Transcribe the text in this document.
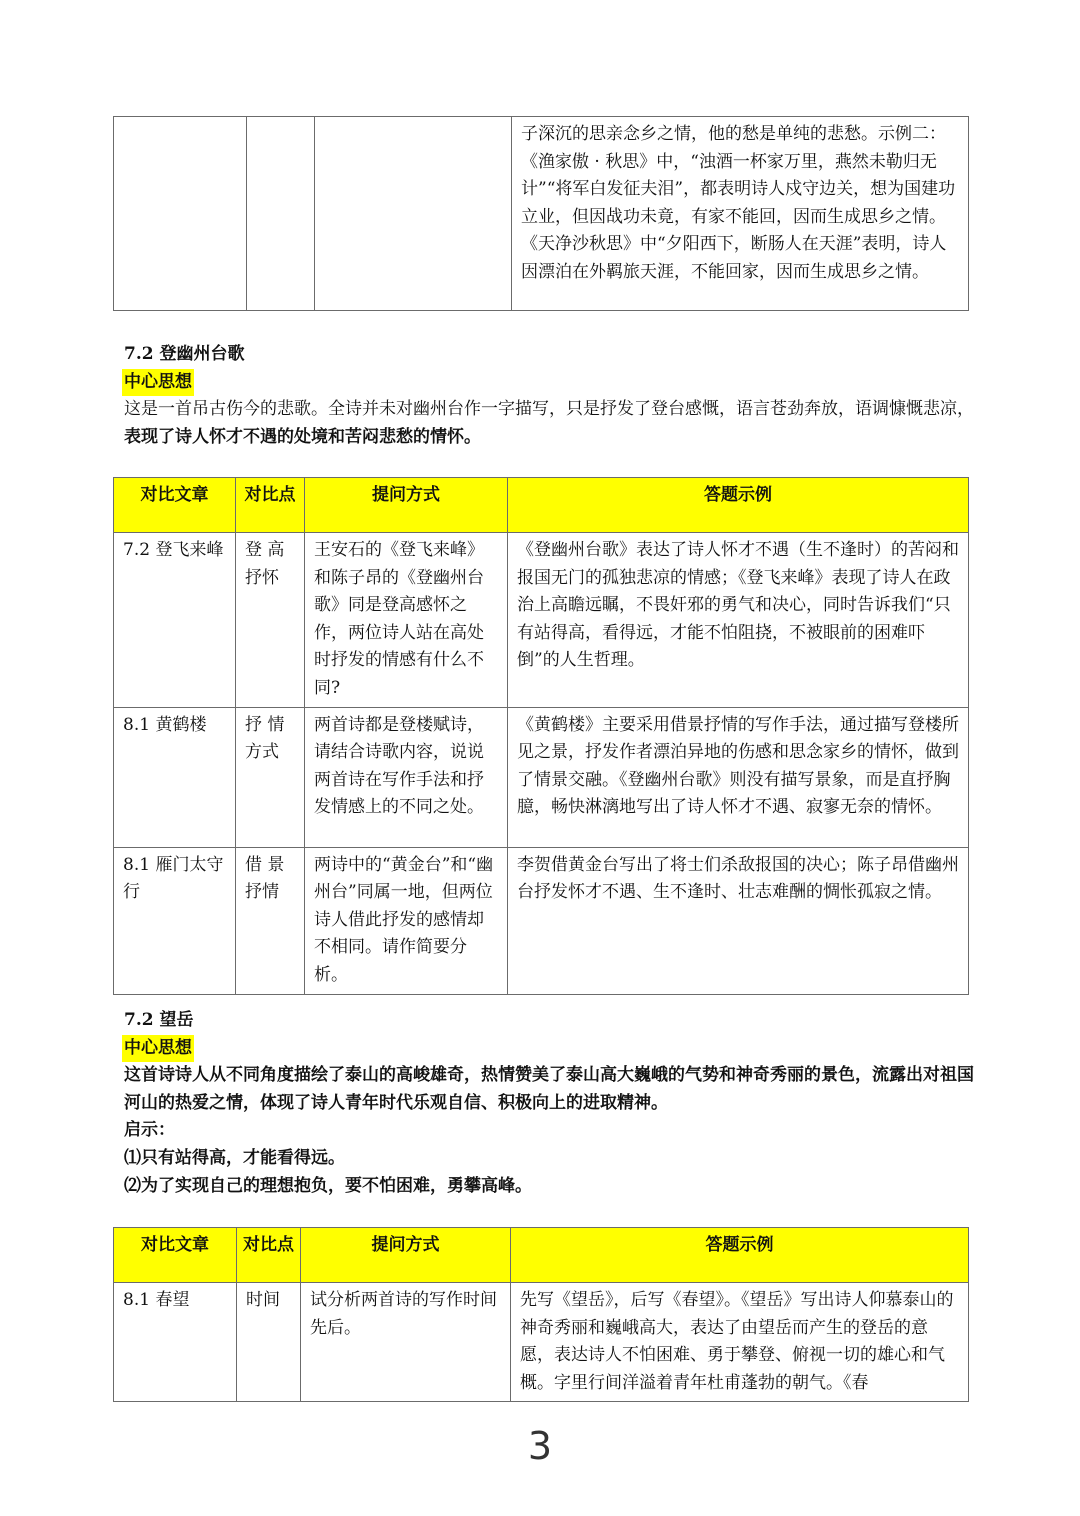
			子深沉的思亲念乡之情，他的愁是单纯的悲愁。示例二：《渔家傲 · 秋思》中，“浊酒一杯家万里，燕然未勒归无计”“将军白发征夫泪”，都表明诗人戍守边关，想为国建功立业，但因战功未竟，有家不能回，因而生成思乡之情。《天净沙秋思》中“夕阳西下，断肠人在天涯”表明，诗人因漂泊在外羁旅天涯，不能回家，因而生成思乡之情。

7.2 登幽州台歌

中心思想

这是一首吊古伤今的悲歌。全诗并未对幽州台作一字描写，只是抒发了登台感慨，语言苍劲奔放，语调慷慨悲凉，表现了诗人怀才不遇的处境和苦闷悲愁的情怀。

对比文章	对比点	提问方式	答题示例
7.2 登飞来峰	登 高 抒怀	王安石的《登飞来峰》和陈子昂的《登幽州台歌》同是登高感怀之作，两位诗人站在高处时抒发的情感有什么不同?	《登幽州台歌》表达了诗人怀才不遇（生不逢时）的苦闷和报国无门的孤独悲凉的情感；《登飞来峰》表现了诗人在政治上高瞻远瞩，不畏奸邪的勇气和决心，同时告诉我们“只有站得高，看得远，才能不怕阻挠，不被眼前的困难吓倒”的人生哲理。
8.1 黄鹤楼	抒 情 方式	两首诗都是登楼赋诗，请结合诗歌内容，说说两首诗在写作手法和抒发情感上的不同之处。	《黄鹤楼》主要采用借景抒情的写作手法，通过描写登楼所见之景，抒发作者漂泊异地的伤感和思念家乡的情怀，做到了情景交融。《登幽州台歌》则没有描写景象，而是直抒胸臆，畅快淋漓地写出了诗人怀才不遇、寂寥无奈的情怀。
8.1 雁门太守行	借 景 抒情	两诗中的“黄金台”和“幽州台”同属一地，但两位诗人借此抒发的感情却不相同。请作简要分析。	李贺借黄金台写出了将士们杀敌报国的决心；陈子昂借幽州台抒发怀才不遇、生不逢时、壮志难酬的惆怅孤寂之情。

7.2 望岳

中心思想

这首诗诗人从不同角度描绘了泰山的高峻雄奇，热情赞美了泰山高大巍峨的气势和神奇秀丽的景色，流露出对祖国河山的热爱之情，体现了诗人青年时代乐观自信、积极向上的进取精神。

启示：

⑴只有站得高，才能看得远。

⑵为了实现自己的理想抱负，要不怕困难，勇攀高峰。

对比文章	对比点	提问方式	答题示例
8.1 春望	时间	试分析两首诗的写作时间先后。	先写《望岳》，后写《春望》。《望岳》写出诗人仰慕泰山的神奇秀丽和巍峨高大，表达了由望岳而产生的登岳的意愿，表达诗人不怕困难、勇于攀登、俯视一切的雄心和气概。字里行间洋溢着青年杜甫蓬勃的朝气。《春
3
